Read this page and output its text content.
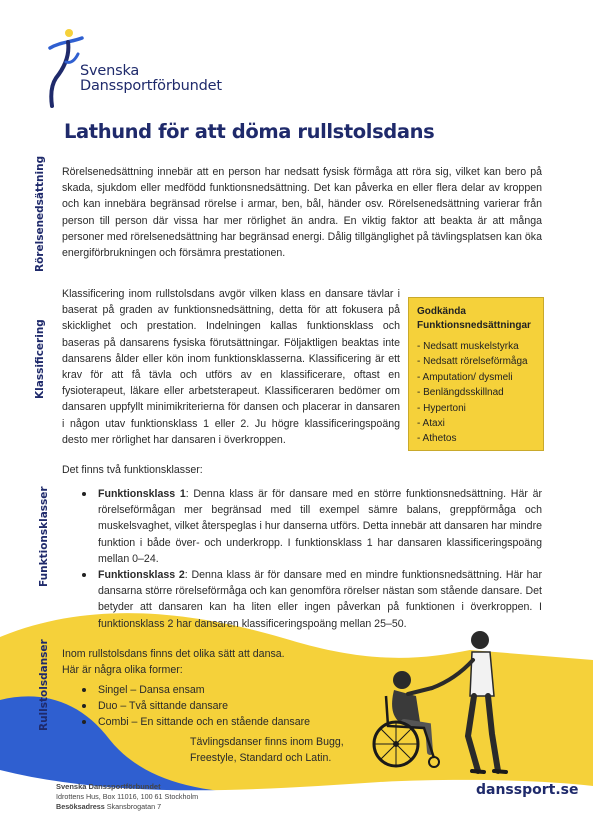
Svenska
Danssportförbundet
Lathund för att döma rullstolsdans
Rörelsenedsättning Rörelsenedsättning innebär att en person har nedsatt fysisk förmåga att röra sig, vilket kan bero på skada, sjukdom eller medfödd funktionsnedsättning. Det kan påverka en eller flera delar av kroppen och kan innebära begränsad rörelse i armar, ben, bål, händer osv. Rörelsenedsättning varierar från person till person där vissa har mer rörlighet än andra. En viktig faktor att beakta är att många personer med rörelsenedsättning har begränsad energi. Dålig tillgänglighet på tävlingsplatsen kan öka energiförbrukningen och försämra prestationen.
Klassificering
Klassificering inom rullstolsdans avgör vilken klass en dansare tävlar i baserat på graden av funktionsnedsättning, detta för att fokusera på skicklighet och prestation. Indelningen kallas funktionsklass och baseras på dansarens fysiska förutsättningar. Följaktligen beaktas inte dansarens ålder eller kön inom funktionsklasserna. Klassificering är ett krav för att få tävla och utförs av en klassificerare, oftast en fysioterapeut, läkare eller arbetsterapeut. Klassificeraren bedömer om dansaren uppfyllt minimikriterierna för dansen och placerar in dansaren i någon utav funktionsklass 1 eller 2. Ju högre klassificeringspoäng desto mer rörlighet har dansaren i överkroppen.
Godkända Funktionsnedsättningar
- Nedsatt muskelstyrka
- Nedsatt rörelseförmåga
- Amputation/ dysmeli
- Benlängdsskillnad
- Hypertoni
- Ataxi
- Athetos
Funktionsklasser
Det finns två funktionsklasser:
Funktionsklass 1: Denna klass är för dansare med en större funktionsnedsättning. Här är rörelseförmågan mer begränsad med till exempel sämre balans, greppförmåga och muskelsvaghet, vilket återspeglas i hur danserna utförs. Detta innebär att dansaren har mindre funktion i både över- och underkropp. I funktionsklass 1 har dansaren klassificeringspoäng mellan 0–24.
Funktionsklass 2: Denna klass är för dansare med en mindre funktionsnedsättning. Här har dansarna större rörelseförmåga och kan genomföra rörelser nästan som stående dansare. Det betyder att dansaren kan ha liten eller ingen påverkan på funktionen i överkroppen. I funktionsklass 2 har dansaren klassificeringspoäng mellan 25–50.
Rullstolsdanser Inom rullstolsdans finns det olika sätt att dansa.
Här är några olika former:
Singel – Dansa ensam
Duo – Två sittande dansare
Combi – En sittande och en stående dansare
Tävlingsdanser finns inom Bugg,
Freestyle, Standard och Latin.
Svenska Danssportförbundet
Idrottens Hus, Box 11016, 100 61 Stockholm
Besöksadress Skansbrogatan 7
danssport.se
